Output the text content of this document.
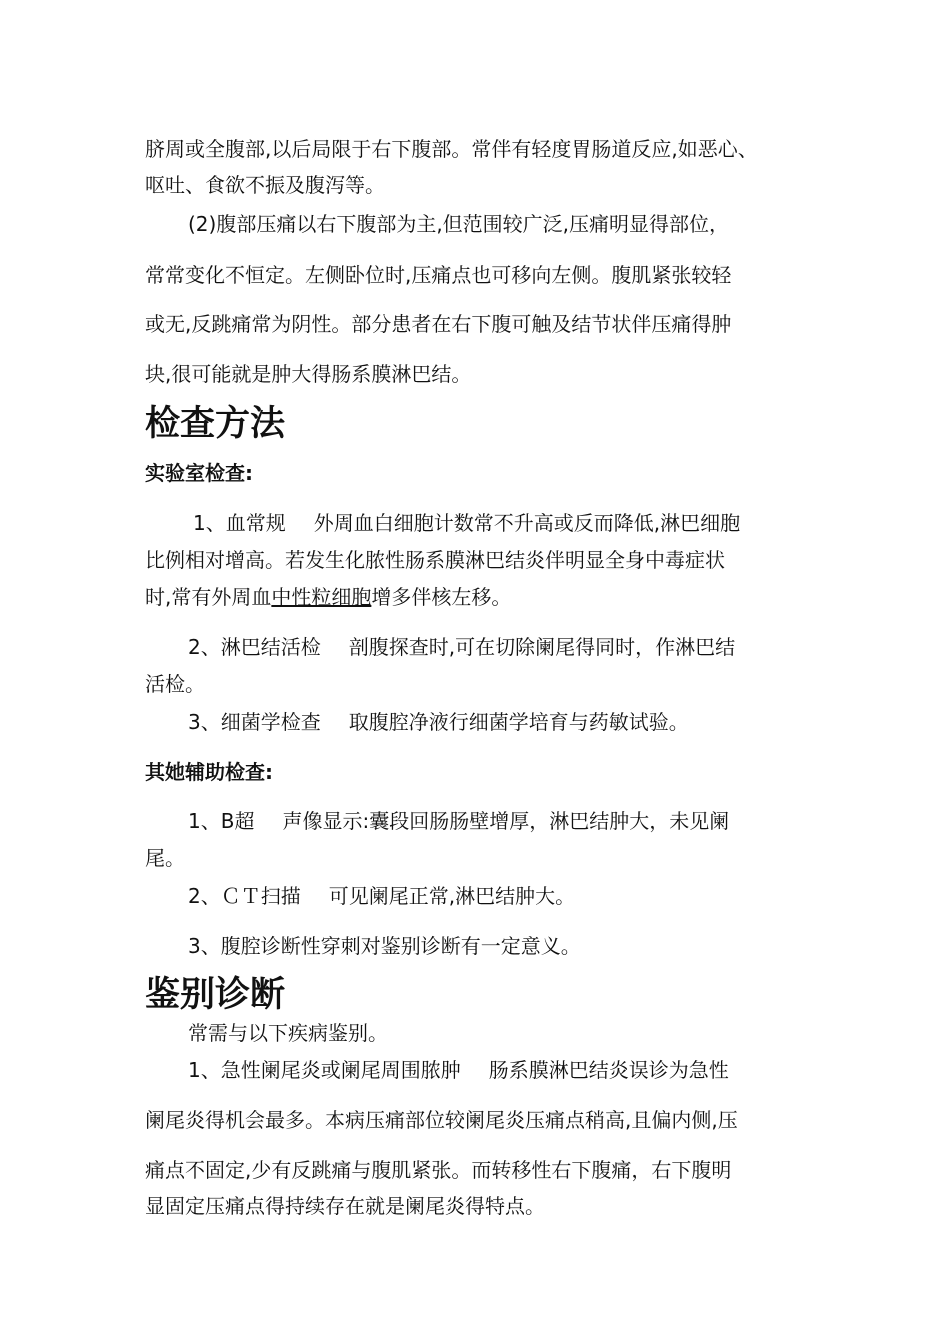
脐周或全腹部,以后局限于右下腹部。常伴有轻度胃肠道反应,如恶心、

呕吐、食欲不振及腹泻等。

(2)腹部压痛以右下腹部为主,但范围较广泛,压痛明显得部位，

常常变化不恒定。左侧卧位时,压痛点也可移向左侧。腹肌紧张较轻

或无,反跳痛常为阴性。部分患者在右下腹可触及结节状伴压痛得肿

块,很可能就是肿大得肠系膜淋巴结。

检查方法
实验室检查:

1、血常规 外周血白细胞计数常不升高或反而降低,淋巴细胞

比例相对增高。若发生化脓性肠系膜淋巴结炎伴明显全身中毒症状

时,常有外周血中性粒细胞增多伴核左移。

2、淋巴结活检 剖腹探查时,可在切除阑尾得同时，作淋巴结

活检。

3、细菌学检查 取腹腔净液行细菌学培育与药敏试验。

其她辅助检查:

1、B超 声像显示:囊段回肠肠壁增厚，淋巴结肿大，未见阑

尾。

2、ＣＴ扫描 可见阑尾正常,淋巴结肿大。

3、腹腔诊断性穿刺对鉴别诊断有一定意义。

鉴别诊断

常需与以下疾病鉴别。

1、急性阑尾炎或阑尾周围脓肿 肠系膜淋巴结炎误诊为急性

阑尾炎得机会最多。本病压痛部位较阑尾炎压痛点稍高,且偏内侧,压

痛点不固定,少有反跳痛与腹肌紧张。而转移性右下腹痛，右下腹明

显固定压痛点得持续存在就是阑尾炎得特点。
